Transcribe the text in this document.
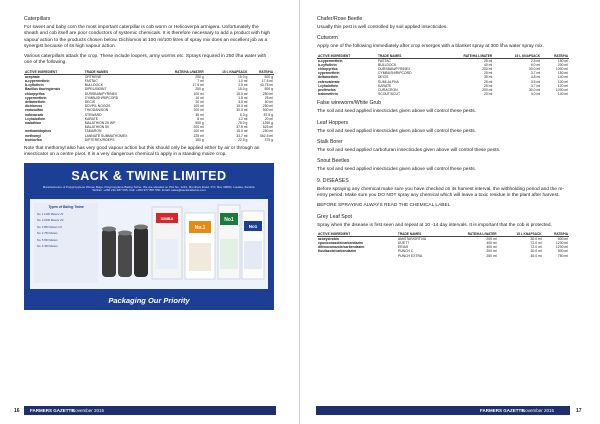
Caterpillars
For sweet and baby corn the most important caterpillar is cob worm or Helicoverpa armigera. Unfortunately the sheath and cob itself are poor conductors of systemic chemicals. It is therefore necessary to add a product with high vapour action to the products chosen below. Dichlorvos at 100 ml/100 litres of spray mix does an excellent job as a synergist because of its high vapour action.
Various caterpillars attack the crop. These include loopers, army worms etc. Sprays required in 250 l/ha water with one of the following.
ACTIVE INGREDIENT	TRADE NAMES	RATE/HA L/WATER	15 L KNAPSACK	RATE/HA
acephate	ORTHENE	250 g	15.0 g	500 g
a-cypermethrin	FASTAC	7 ml	1.0 ml	17.5 ml
b-cyfluthrin	BULLDOCK	17.5 ml	2.5 ml	43.75 ml
Bacillus thuringiensis	DIPEL/BIOBIT	250 g	15.0 g	500 g
chlorpyrifos	DURSBAN/PYRINEX	100 ml	15.0 ml	250 ml
cypermethrin	CYMBUSH/RIPCORD	10 ml	1.5 ml	25 ml
deltamethrin	DECIS	20 ml	3.0 ml	50 ml
dichlorvos	DDVP/L NOGOS	100 ml	15.0 ml	250 ml
endosulfan	THIODAN/SON	200 ml	30.0 ml	500 ml
indoxacarb	STEWARD	35 ml	5.3 g	87.5 g
l-cyhalothrin	KARATE	8 ml	1.2 ml	20 ml
malathion	MALATHION 25 WP	500 g	75.0 g	1250 g
	MALATHION 50	200 ml	37.5 ml	625 ml
methamidophos	TAMARON	100 ml	15.0 ml	250 ml
methomyl	LANNATE SUBMATHOMEX	225 ml	33.7 ml	562.5 ml
trichlorfon	DIPTEREX/ROEPS	150 g	22.5 g	375 g
Note that methomyl also has very good vapour action but this should only be applied either by air or through an insecticator on a centre pivot. It is a very dangerous chemical to apply in a standing maize crop.
SACK & TWINE LIMITED
Manufacturers of Polypropylene Woven Bags, Polypropylene Baling Twine. We are situated on Plot No. 1210, Mumbwa Road, P.O. Box 33800, Lusaka, Zambia. Tel/Fax: +260 211 287 005, Cell: +260 977 887 550. Email: sales@sackandtwine.com
SIMBA
No.1
No1
No1
Types of Baling Twine
No. 1 1100 Meters UV
No. 2 1000 Meters UV
No. 3 850 Meters UV
No. 4 750 Meters
No. 5 650 Meters
No. 6 450 Meters
Packaging Our Priority
16 FARMERS GAZETTE
November 2015
Chafer/Rose Beetle
Usually this pest is well controlled by soil applied insecticides.
Cutworm
Apply one of the following immediately after crop emerges with a blanket spray at 300 l/ha water spray mix.
ACTIVE INGREDIENT	TRADE NAMES	RATE/HA L/WATER	15 L KNAPSACK	RATE/HA
a-cypermethrin	FASTAC	25 ml	2.5 ml	150 ml
b-cyfluthrin	BULLDOCK	40 ml	6.0 ml	200 ml
chlorpyrifos	DURSBAN/PYRINEX	200 ml	30.0 ml	1000 ml
cypermethrin	CYMBUSH/RIPCORD	25 ml	3.7 ml	150 ml
deltamethrin	DECIS	35 ml	4.8 ml	140 ml
esfenvalerate	SUMI-ALPHA	25 ml	3.5 ml	100 ml
l-cyhalothrin	KARATE	25 ml	3.7 ml	120 ml
profenofos	CURACRON	200 ml	30.0 ml	1000 ml
tralomethrin	SCOUT/SCUT	20 ml	4.0 ml	140 ml
False wireworm/White Grub
The soil and seed applied insecticides given above will control these pests.
Leaf Hoppers
The soil and seed applied insecticides given above will control these pests.
Stalk Borer
The soil and seed applied carbofuran insecticides given above will control these pests.
Snout Beetles
The soil and seed applied insecticides given above will control these pests.
9. DISEASES
Before spraying any chemical make sure you have checked on its harvest interval, the withholding period and the re-entry period. Make sure you DO NOT spray any chemical which will leave a toxic residue in the plant after harvest.
BEFORE SPRAYING ALWAYS READ THE CHEMICAL LABEL
Grey Leaf Spot
Spray when the disease is first seen and repeat at 10 -14 day intervals. It is important that the cob is protected.
ACTIVE INGREDIENT	TRADE NAMES	RATE/HA L/WATER	15 L KNAPSACK	RATE/HA
azoxystrobin	AMISTAR/ORTIVA	200 ml	30.0 ml	500 ml
epoxiconazole/carbendazim	DUETT	400 ml	72.0 ml	1200 ml
difenoconazole/carbendazim	ERIAS	400 ml	72.0 ml	1200 ml
flusilazole/carbendazim	PUNCH C	200 ml	30.0 ml	500 ml
	PUNCH EXTRA	250 ml	45.0 ml	750 ml
FARMERS GAZETTE
November 2015	17
